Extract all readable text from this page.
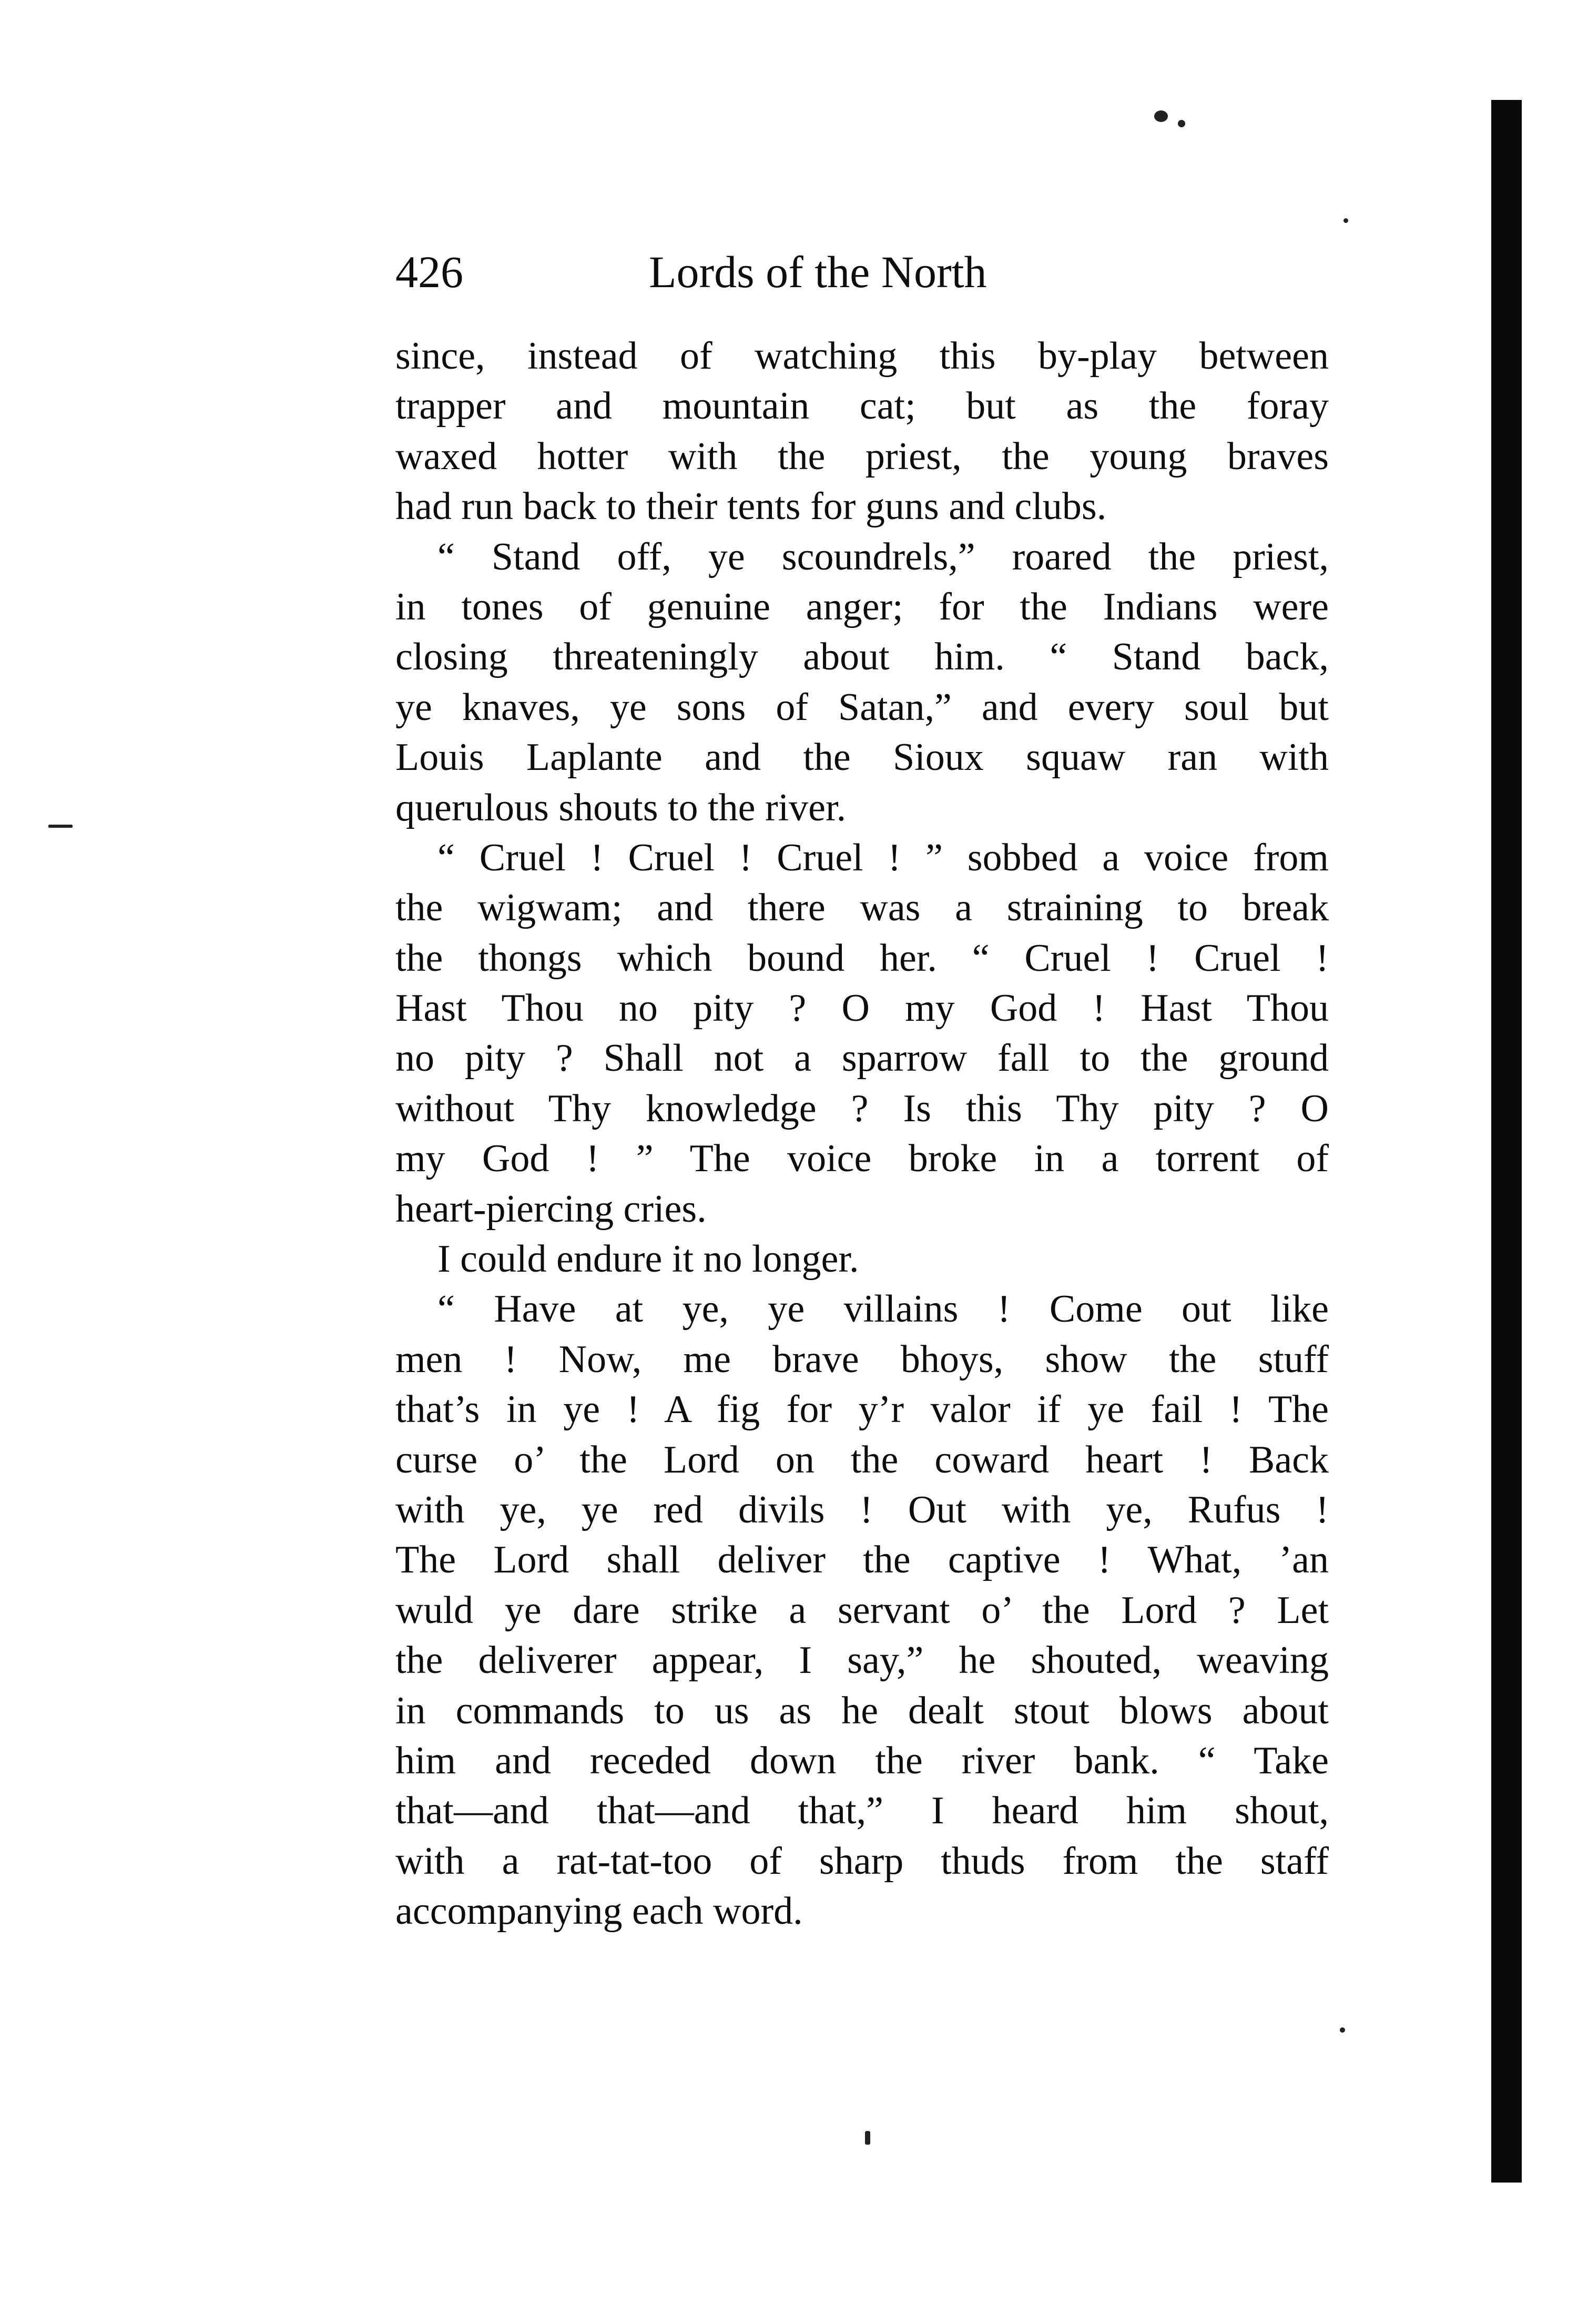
426	Lords of the North
since, instead of watching this by-play between
trapper and mountain cat; but as the foray
waxed hotter with the priest, the young braves
had run back to their tents for guns and clubs.
“ Stand off, ye scoundrels,” roared the priest,
in tones of genuine anger; for the Indians were
closing threateningly about him. “ Stand back,
ye knaves, ye sons of Satan,” and every soul but
Louis Laplante and the Sioux squaw ran with
querulous shouts to the river.
“ Cruel ! Cruel ! Cruel ! ” sobbed a voice from
the wigwam; and there was a straining to break
the thongs which bound her. “ Cruel ! Cruel !
Hast Thou no pity ? O my God ! Hast Thou
no pity ? Shall not a sparrow fall to the ground
without Thy knowledge ? Is this Thy pity ? O
my God ! ” The voice broke in a torrent of
heart-piercing cries.
I could endure it no longer.
“ Have at ye, ye villains ! Come out like
men ! Now, me brave bhoys, show the stuff
that’s in ye ! A fig for y’r valor if ye fail ! The
curse o’ the Lord on the coward heart ! Back
with ye, ye red divils ! Out with ye, Rufus !
The Lord shall deliver the captive ! What, ’an
wuld ye dare strike a servant o’ the Lord ? Let
the deliverer appear, I say,” he shouted, weaving
in commands to us as he dealt stout blows about
him and receded down the river bank. “ Take
that—and that—and that,” I heard him shout,
with a rat-tat-too of sharp thuds from the staff
accompanying each word.
